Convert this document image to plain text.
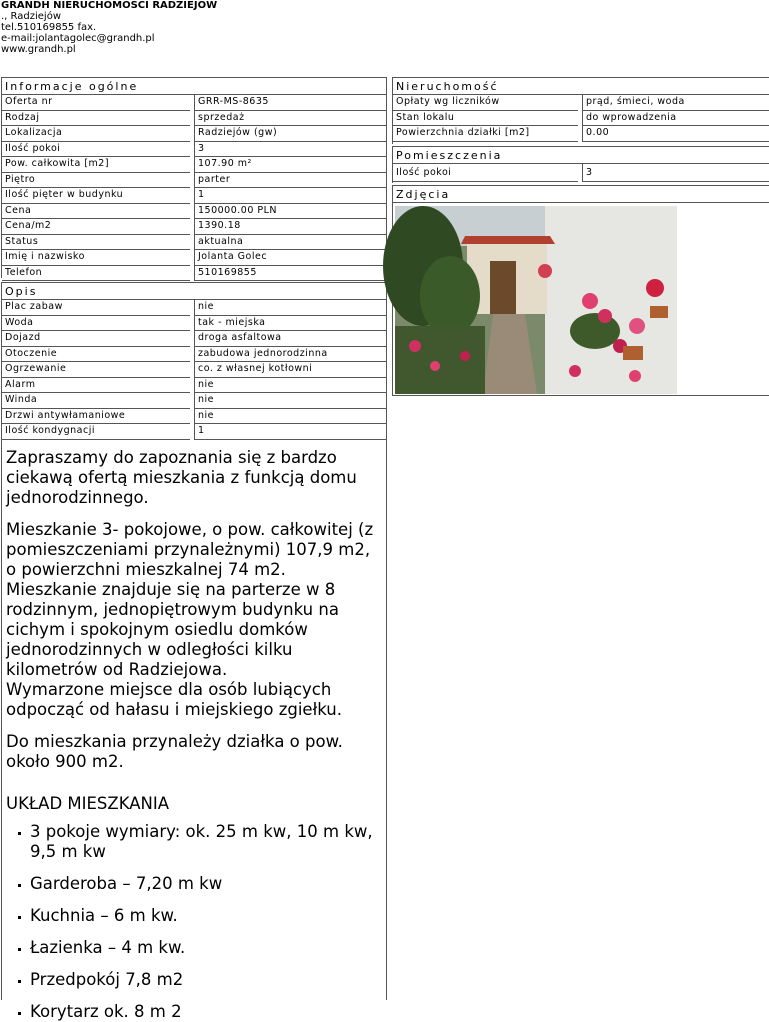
GRANDH NIERUCHOMOŚCI RADZIEJÓW
., Radziejów
tel.510169855 fax.
e-mail:jolantagolec@grandh.pl
www.grandh.pl
Informacje ogólne
Oferta nr	GRR-MS-8635
Rodzaj	sprzedaż
Lokalizacja	Radziejów (gw)
Ilość pokoi	3
Pow. całkowita [m2]	107.90 m²
Piętro	parter
Ilość pięter w budynku	1
Cena	150000.00 PLN
Cena/m2	1390.18
Status	aktualna
Imię i nazwisko	Jolanta Golec
Telefon	510169855
Opis
Plac zabaw	nie
Woda	tak - miejska
Dojazd	droga asfaltowa
Otoczenie	zabudowa jednorodzinna
Ogrzewanie	co. z własnej kotłowni
Alarm	nie
Winda	nie
Drzwi antywłamaniowe	nie
Ilość kondygnacji	1

Zapraszamy do zapoznania się z bardzo ciekawą ofertą mieszkania z funkcją domu jednorodzinnego.

Mieszkanie 3- pokojowe, o pow. całkowitej (z pomieszczeniami przynależnymi) 107,9 m2, o powierzchni mieszkalnej 74 m2. Mieszkanie znajduje się na parterze w 8 rodzinnym, jednopiętrowym budynku na cichym i spokojnym osiedlu domków jednorodzinnych w odległości kilku kilometrów od Radziejowa.
Wymarzone miejsce dla osób lubiących odpocząć od hałasu i miejskiego zgiełku.

Do mieszkania przynależy działka o pow. około 900 m2.

UKŁAD MIESZKANIA

3 pokoje wymiary: ok. 25 m kw, 10 m kw, 9,5 m kw
Garderoba – 7,20 m kw
Kuchnia – 6 m kw.
Łazienka – 4 m kw.
Przedpokój 7,8 m2
Korytarz ok. 8 m 2
Nieruchomość
Opłaty wg liczników	prąd, śmieci, woda
Stan lokalu	do wprowadzenia
Powierzchnia działki [m2]	0.00
Pomieszczenia
Ilość pokoi	3
Zdjęcia
